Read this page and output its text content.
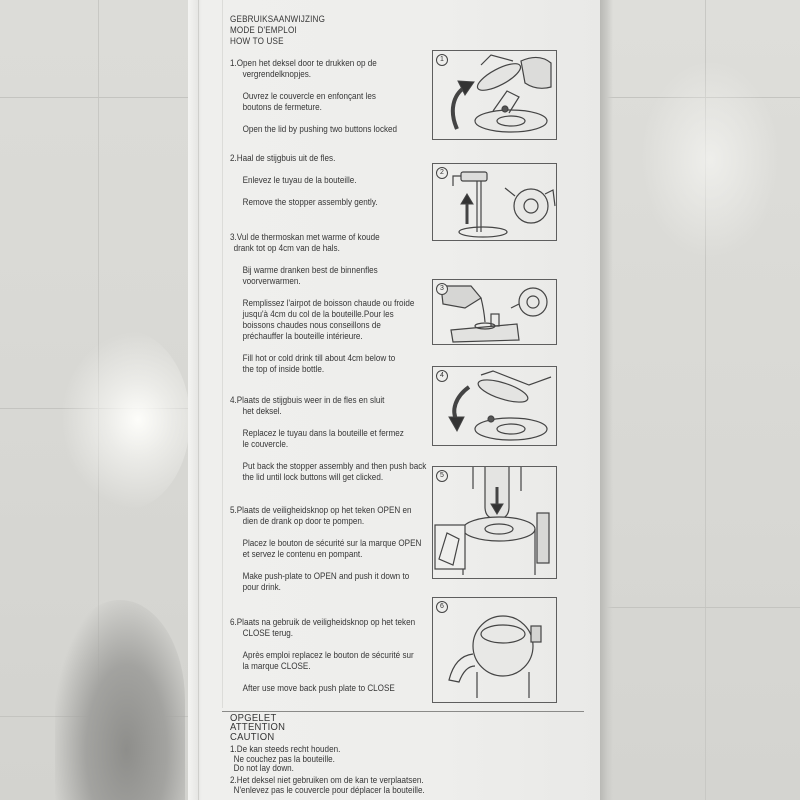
GEBRUIKSAANWIJZING
MODE D'EMPLOI
HOW TO USE
1.Open het deksel door te drukken op de
vergrendelknopjes.
Ouvrez le couvercle en enfonçant les
boutons de fermeture.
Open the lid by pushing two buttons locked
2.Haal de stijgbuis uit de fles.
Enlevez le tuyau de la bouteille.
Remove the stopper assembly gently.
3.Vul de thermoskan met warme of koude
drank tot op 4cm van de hals.
Bij warme dranken best de binnenfles
voorverwarmen.
Remplissez l'airpot de boisson chaude ou froide
jusqu'à 4cm du col de la bouteille.Pour les
boissons chaudes nous conseillons de
préchauffer la bouteille intérieure.
Fill hot or cold drink till about 4cm below to
the top of inside bottle.
4.Plaats de stijgbuis weer in de fles en sluit
het deksel.
Replacez le tuyau dans la bouteille et fermez
le couvercle.
Put back the stopper assembly and then push back
the lid until lock buttons will get clicked.
5.Plaats de veiligheidsknop op het teken OPEN en
dien de drank op door te pompen.
Placez le bouton de sécurité sur la marque OPEN
et servez le contenu en pompant.
Make push-plate to OPEN and push it down to
pour drink.
6.Plaats na gebruik de veiligheidsknop op het teken
CLOSE terug.
Après emploi replacez le bouton de sécurité sur
la marque CLOSE.
After use move back push plate to CLOSE
OPGELET
ATTENTION
CAUTION
1.De kan steeds recht houden.
Ne couchez pas la bouteille.
Do not lay down.
2.Het deksel niet gebruiken om de kan te verplaatsen.
N'enlevez pas le couvercle pour déplacer la bouteille.
1
2
3
4
5
6
